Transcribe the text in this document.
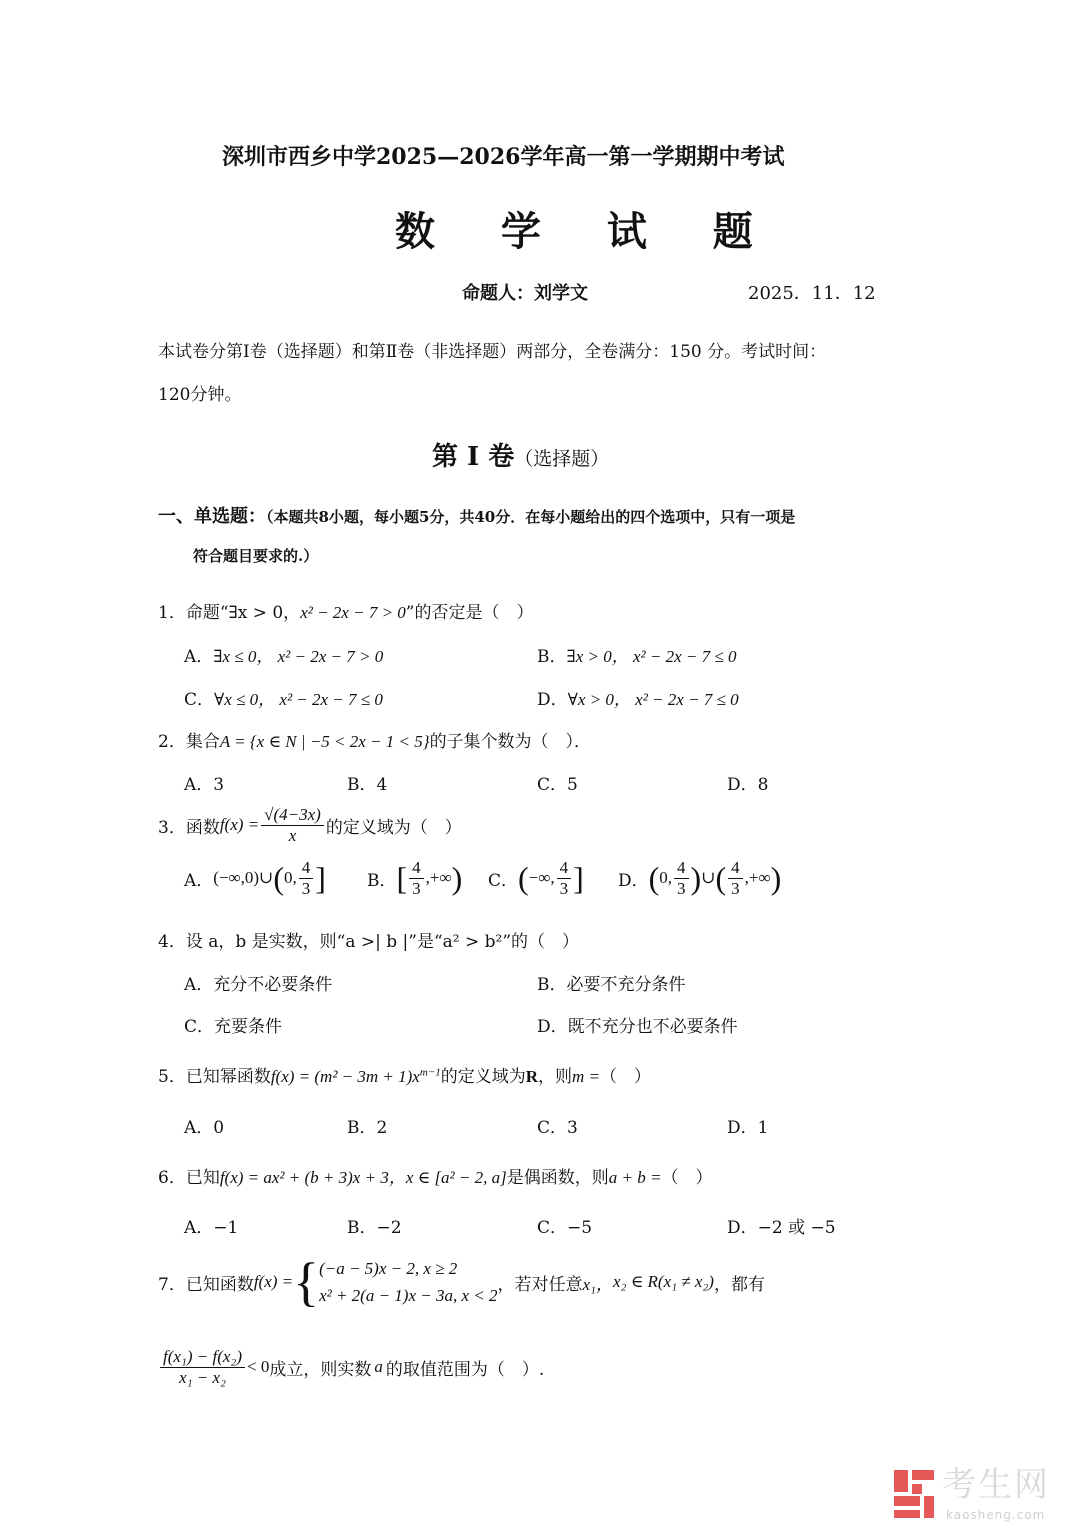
深圳市西乡中学2025—2026学年高一第一学期期中考试
数 学 试 题
命题人：刘学文	2025．11．12
本试卷分第Ⅰ卷（选择题）和第Ⅱ卷（非选择题）两部分，全卷满分：150 分。考试时间：
120分钟。
第 Ⅰ 卷（选择题）
一、单选题：（本题共8小题，每小题5分，共40分．在每小题给出的四个选项中，只有一项是
符合题目要求的.）
1．命题“∃x > 0，x² − 2x − 7 > 0”的否定是（　）
A．∃x ≤ 0， x² − 2x − 7 > 0	B．∃x > 0， x² − 2x − 7 ≤ 0
C．∀x ≤ 0， x² − 2x − 7 ≤ 0	D．∀x > 0， x² − 2x − 7 ≤ 0
2．集合A = {x ∈ N | −5 < 2x − 1 < 5}的子集个数为（　）．
A．3	B．4	C．5	D．8
3．函数 $f(x) = \frac{√(4-3x)}{x}$ 的定义域为（　）
A． (−∞,0)∪ ( 0, $\frac{4}{3}$ ] B． [ $\frac{4}{3}$ , +∞ ) C． ( −∞, $\frac{4}{3}$ ] D． ( 0, $\frac{4}{3}$ ) ∪ ( $\frac{4}{3}$ , +∞ )
4．设 a，b 是实数，则“a >| b |”是“a² > b²”的（　）
A．充分不必要条件	B．必要不充分条件
C．充要条件	D．既不充分也不必要条件
5．已知幂函数$f(x) = (m^2 - 3m + 1)x^{m-1}$的定义域为R，则m =（　）
A．0	B．2	C．3	D．1
6．已知f(x) = ax² + (b + 3)x + 3，x ∈ [a² − 2, a]是偶函数，则a + b =（　）
A．−1	B．−2	C．−5	D．−2 或 −5
7．已知函数 f(x) = { (−a − 5)x − 2, x ≥ 2
x² + 2(a − 1)x − 3a, x < 2
，若对任意 x₁， x₂ ∈ R(x₁ ≠ x₂) ，都有
$\frac{\text{f(x₁) − f(x₂)}}{\text{x₁ − x₂}} < 0$ 成立，则实数 a 的取值范围为（　）.
考生网
kaosheng.com
